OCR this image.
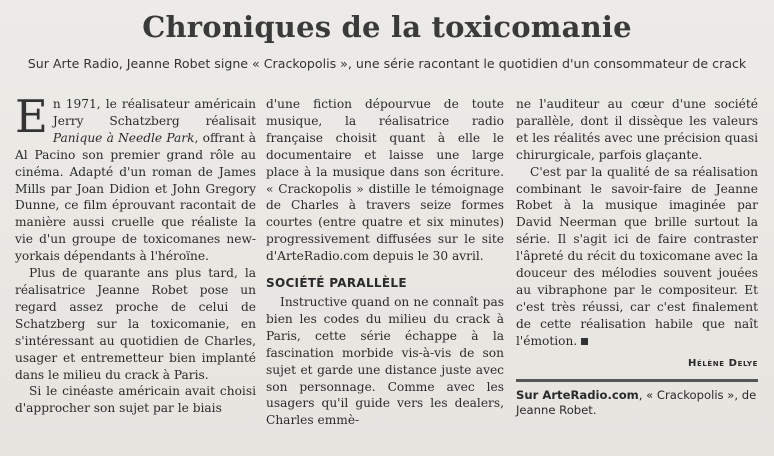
Chroniques de la toxicomanie
Sur Arte Radio, Jeanne Robet signe « Crackopolis », une série racontant le quotidien d'un consommateur de crack

En 1971, le réalisateur américain Jerry Schatzberg réalisait Panique à Needle Park, offrant à Al Pacino son premier grand rôle au cinéma. Adapté d'un roman de James Mills par Joan Didion et John Gregory Dunne, ce film éprouvant racontait de manière aussi cruelle que réaliste la vie d'un groupe de toxicomanes new-yorkais dépendants à l'héroïne.

Plus de quarante ans plus tard, la réalisatrice Jeanne Robet pose un regard assez proche de celui de Schatzberg sur la toxicomanie, en s'intéressant au quotidien de Charles, usager et entremetteur bien implanté dans le milieu du crack à Paris.

Si le cinéaste américain avait choisi d'approcher son sujet par le biais

d'une fiction dépourvue de toute musique, la réalisatrice radio française choisit quant à elle le documentaire et laisse une large place à la musique dans son écriture. « Crackopolis » distille le témoignage de Charles à travers seize formes courtes (entre quatre et six minutes) progressivement diffusées sur le site d'ArteRadio.com depuis le 30 avril.

SOCIÉTÉ PARALLÈLE

Instructive quand on ne connaît pas bien les codes du milieu du crack à Paris, cette série échappe à la fascination morbide vis-à-vis de son sujet et garde une distance juste avec son personnage. Comme avec les usagers qu'il guide vers les dealers, Charles emmè-

ne l'auditeur au cœur d'une société parallèle, dont il dissèque les valeurs et les réalités avec une précision quasi chirurgicale, parfois glaçante.

C'est par la qualité de sa réalisation combinant le savoir-faire de Jeanne Robet à la musique imaginée par David Neerman que brille surtout la série. Il s'agit ici de faire contraster l'âpreté du récit du toxicomane avec la douceur des mélodies souvent jouées au vibraphone par le compositeur. Et c'est très réussi, car c'est finalement de cette réalisation habile que naît l'émotion.

Hélène Delye
Sur ArteRadio.com, « Crackopolis », de Jeanne Robet.
